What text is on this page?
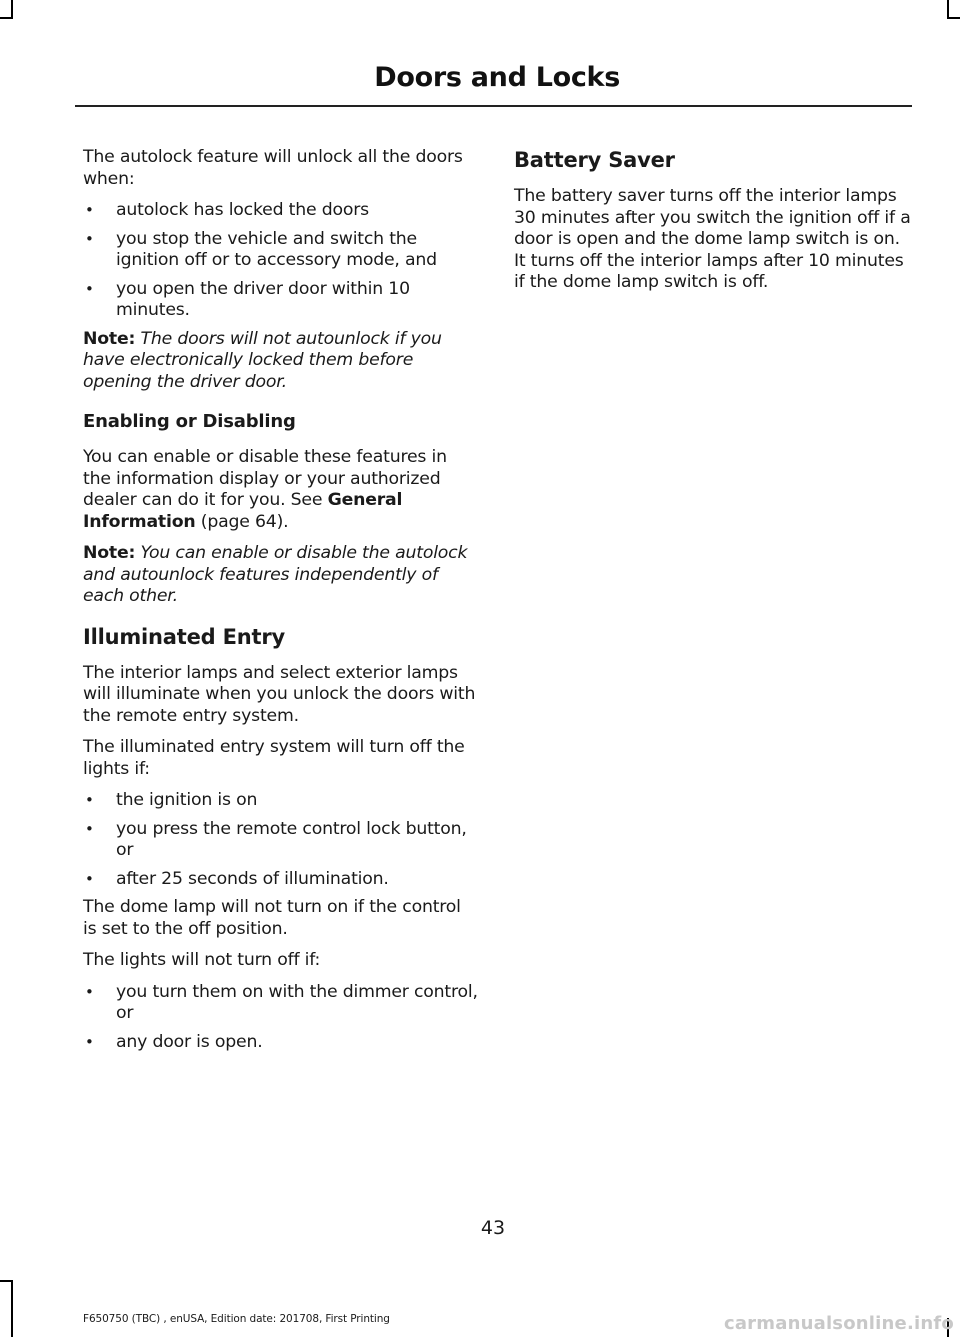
Doors and Locks

The autolock feature will unlock all the doors when:

• autolock has locked the doors
• you stop the vehicle and switch the ignition off or to accessory mode, and
• you open the driver door within 10 minutes.

Note: The doors will not autounlock if you have electronically locked them before opening the driver door.

Enabling or Disabling

You can enable or disable these features in the information display or your authorized dealer can do it for you. See General Information (page 64).

Note: You can enable or disable the autolock and autounlock features independently of each other.

Illuminated Entry

The interior lamps and select exterior lamps will illuminate when you unlock the doors with the remote entry system.

The illuminated entry system will turn off the lights if:

• the ignition is on
• you press the remote control lock button, or
• after 25 seconds of illumination.

The dome lamp will not turn on if the control is set to the off position.

The lights will not turn off if:

• you turn them on with the dimmer control, or
• any door is open.
Battery Saver

The battery saver turns off the interior lamps 30 minutes after you switch the ignition off if a door is open and the dome lamp switch is on. It turns off the interior lamps after 10 minutes if the dome lamp switch is off.

43
F650750 (TBC) , enUSA, Edition date: 201708, First Printing	carmanualsonline.info
